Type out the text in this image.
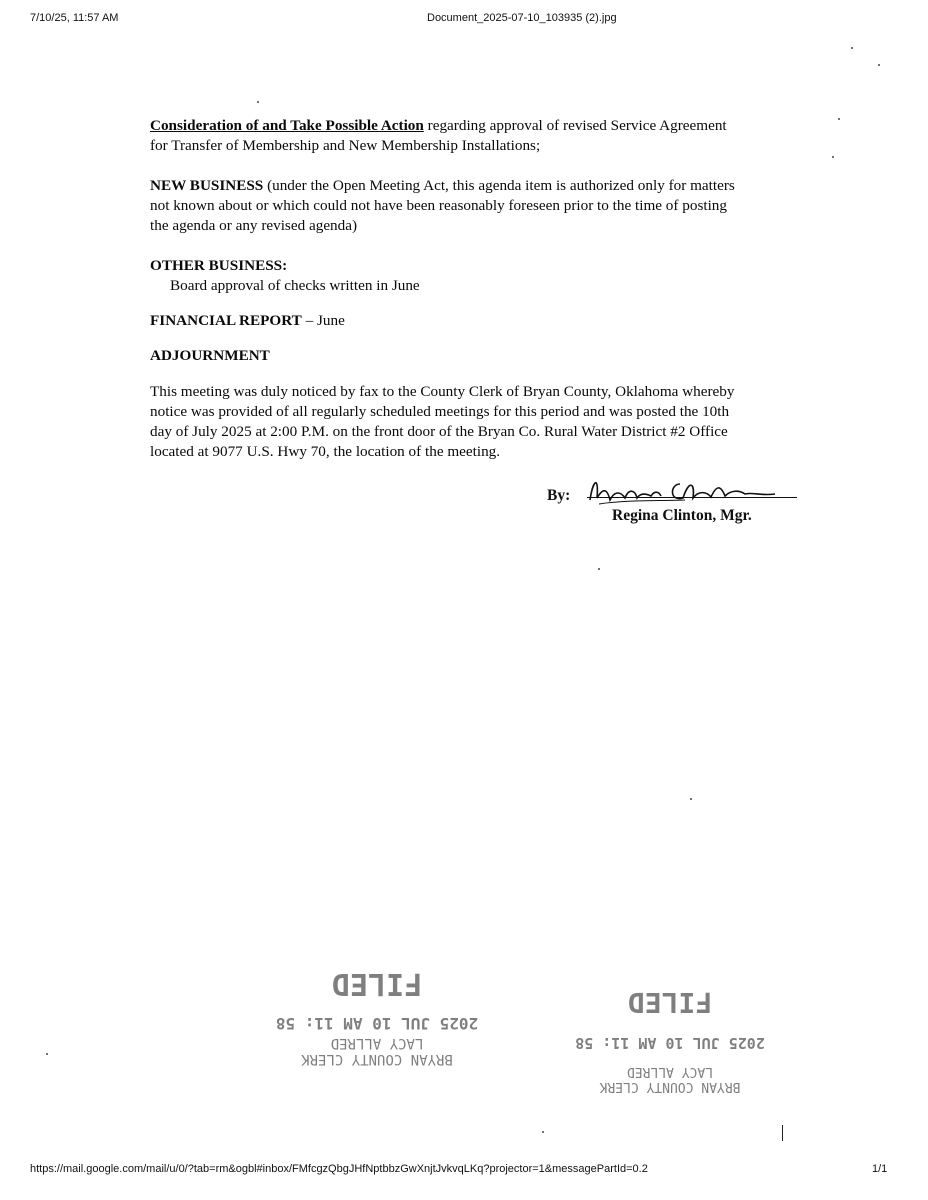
7/10/25, 11:57 AM	Document_2025-07-10_103935 (2).jpg

Consideration of and Take Possible Action regarding approval of revised Service Agreement
for Transfer of Membership and New Membership Installations;

NEW BUSINESS (under the Open Meeting Act, this agenda item is authorized only for matters
not known about or which could not have been reasonably foreseen prior to the time of posting
the agenda or any revised agenda)

OTHER BUSINESS:

Board approval of checks written in June

FINANCIAL REPORT – June

ADJOURNMENT

This meeting was duly noticed by fax to the County Clerk of Bryan County, Oklahoma whereby
notice was provided of all regularly scheduled meetings for this period and was posted the 10th
day of July 2025 at 2:00 P.M. on the front door of the Bryan Co. Rural Water District #2 Office
located at 9077 U.S. Hwy 70, the location of the meeting.

By:
Regina Clinton, Mgr.
BRYAN COUNTY CLERK
LACY ALLRED
2025 JUL 10 AM 11: 58
FILED
BRYAN COUNTY CLERK
LACY ALLRED
2025 JUL 10 AM 11: 58
FILED
https://mail.google.com/mail/u/0/?tab=rm&ogbl#inbox/FMfcgzQbgJHfNptbbzGwXnjtJvkvqLKq?projector=1&messagePartId=0.2	1/1
